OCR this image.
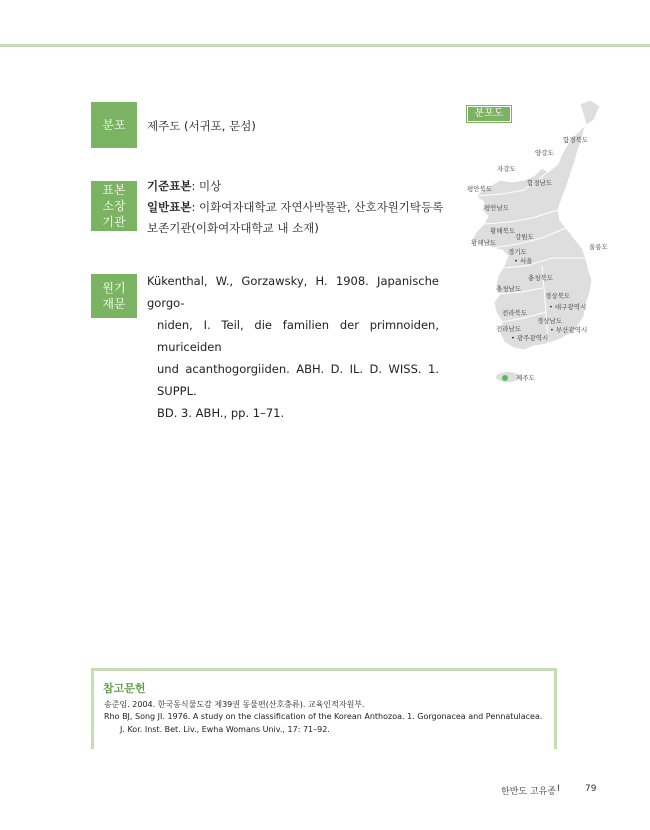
분포 제주도 (서귀포, 문섬)
표본
소장
기관
기준표본: 미상
일반표본: 이화여자대학교 자연사박물관, 산호자원기탁등록
보존기관(이화여자대학교 내 소재)
원기
재문
Kükenthal, W., Gorzawsky, H. 1908. Japanische gorgo-
niden, I. Teil, die familien der primnoiden, muriceiden
und acanthogorgiiden. ABH. D. IL. D. WISS. 1. SUPPL.
BD. 3. ABH., pp. 1–71.
분포도
함경북도
양강도
자강도
함경남도
평안북도
평안남도
황해북도
강원도
황해남도
경기도
• 서울
울릉도
충청북도
충청남도
경상북도
• 대구광역시
전라북도
경상남도
• 부산광역시
전라남도
• 광주광역시
제주도
참고문헌
송준임. 2004. 한국동식물도감 제39권 동물편(산호충류). 교육인적자원부.
Rho BJ, Song JI. 1976. A study on the classification of the Korean Anthozoa. 1. Gorgonacea and Pennatulacea.
J. Kor. Inst. Bet. Liv., Ewha Womans Univ., 17: 71–92.
한반도 고유종 I	79
